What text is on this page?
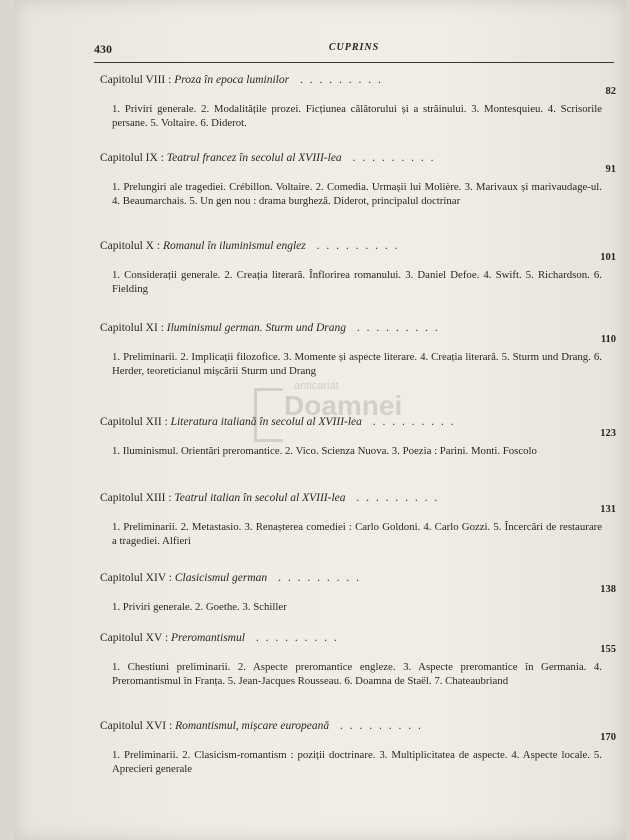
430	CUPRINS
anticariat
Doamnei
Capitolul VIII : Proza în epoca luminilor . . . . . . . . .
82
1. Priviri generale. 2. Modalitățile prozei. Ficțiunea călătorului și a străinului. 3. Montesquieu. 4. Scrisorile persane. 5. Voltaire. 6. Diderot.
Capitolul IX : Teatrul francez în secolul al XVIII-lea . . . . . . . . .
91
1. Prelungiri ale tragediei. Crébillon. Voltaire. 2. Comedia. Urmașii lui Molière. 3. Marivaux și marivaudage-ul. 4. Beaumarchais. 5. Un gen nou : drama burgheză. Diderot, principalul doctrinar
Capitolul X : Romanul în iluminismul englez . . . . . . . . .
101
1. Considerații generale. 2. Creația literară. Înflorirea romanului. 3. Daniel Defoe. 4. Swift. 5. Richardson. 6. Fielding
Capitolul XI : Iluminismul german. Sturm und Drang . . . . . . . . .
110
1. Preliminarii. 2. Implicații filozofice. 3. Momente și aspecte literare. 4. Creația literară. 5. Sturm und Drang. 6. Herder, teoreticianul mișcării Sturm und Drang
Capitolul XII : Literatura italiană în secolul al XVIII-lea . . . . . . . . .
123
1. Iluminismul. Orientări preromantice. 2. Vico. Scienza Nuova. 3. Poezia : Parini. Monti. Foscolo
Capitolul XIII : Teatrul italian în secolul al XVIII-lea . . . . . . . . .
131
1. Preliminarii. 2. Metastasio. 3. Renașterea comediei : Carlo Goldoni. 4. Carlo Gozzi. 5. Încercări de restaurare a tragediei. Alfieri
Capitolul XIV : Clasicismul german . . . . . . . . .
138
1. Priviri generale. 2. Goethe. 3. Schiller
Capitolul XV : Preromantismul . . . . . . . . .
155
1. Chestiuni preliminarii. 2. Aspecte preromantice engleze. 3. Aspecte preromantice în Germania. 4. Preromantismul în Franța. 5. Jean-Jacques Rousseau. 6. Doamna de Staël. 7. Chateaubriand
Capitolul XVI : Romantismul, mișcare europeană . . . . . . . . .
170
1. Preliminarii. 2. Clasicism-romantism : poziții doctrinare. 3. Multiplicitatea de aspecte. 4. Aspecte locale. 5. Aprecieri generale
